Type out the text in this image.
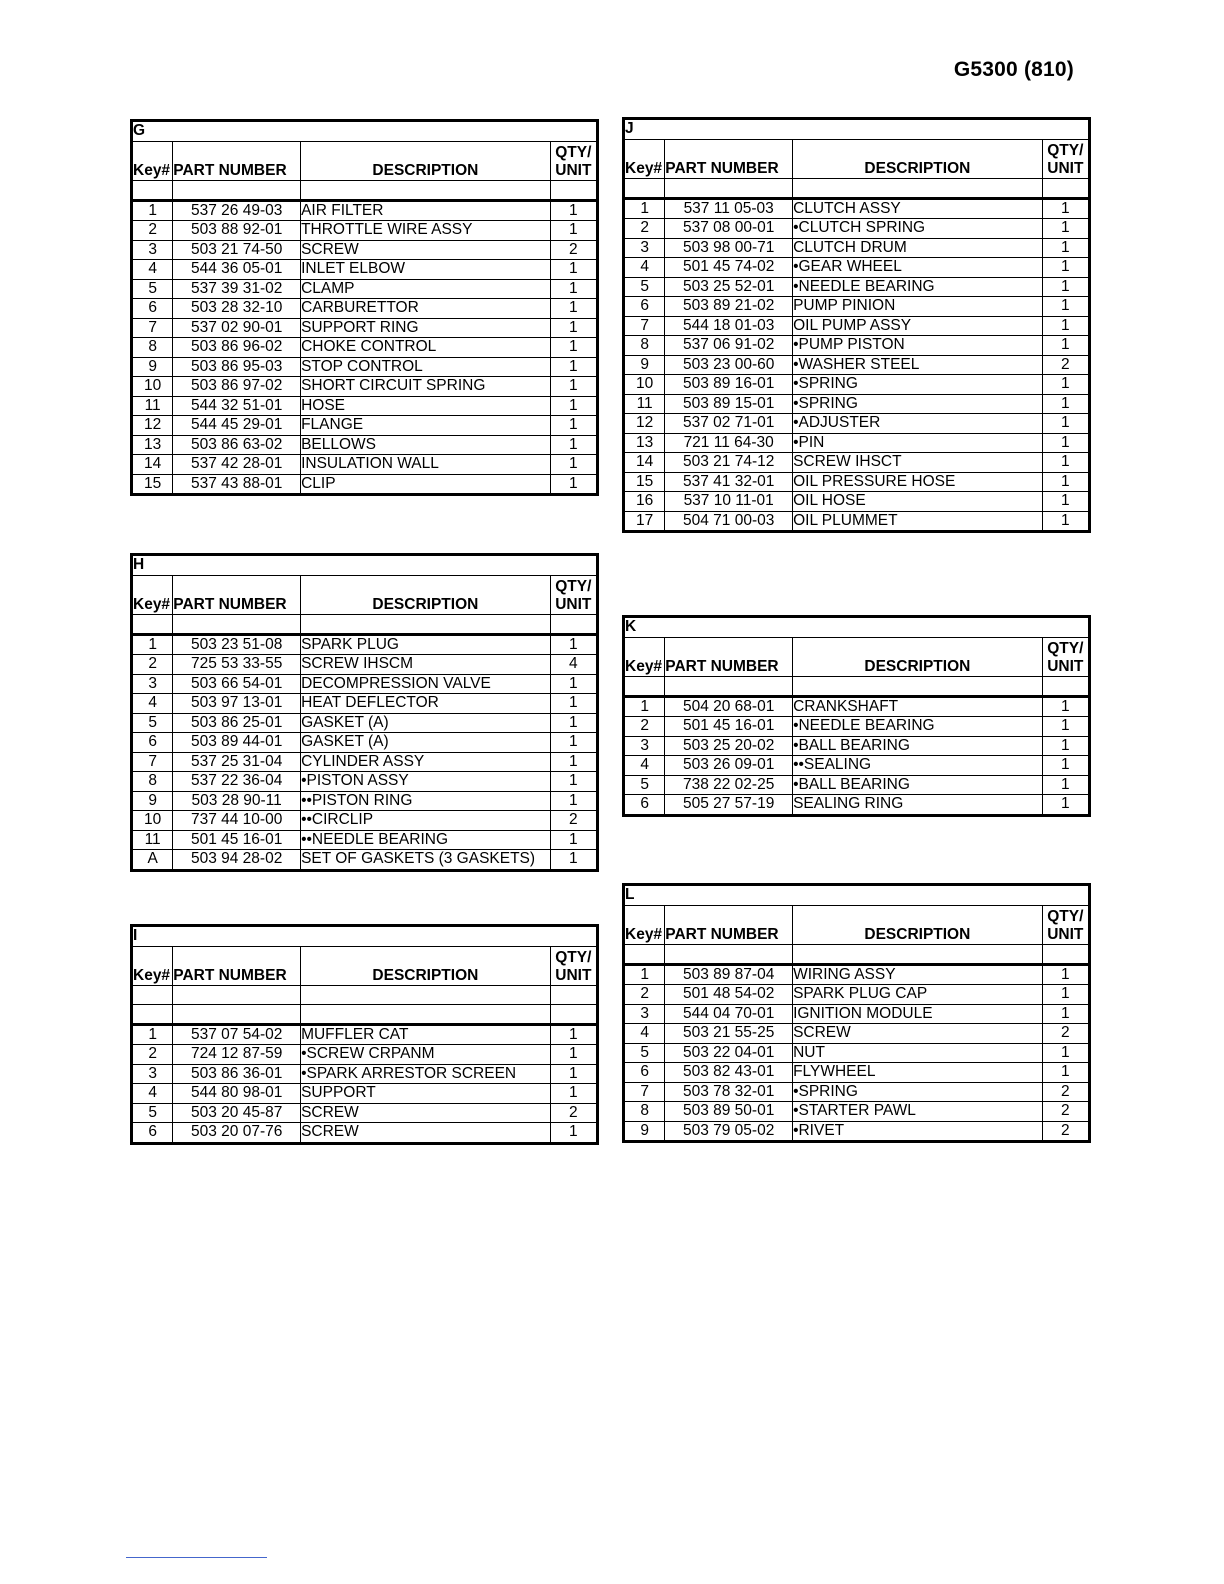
G5300 (810)
G			
Key#	PART NUMBER	DESCRIPTION	QTY/
UNIT

1	537 26 49-03	AIR FILTER	1
2	503 88 92-01	THROTTLE WIRE ASSY	1
3	503 21 74-50	SCREW	2
4	544 36 05-01	INLET ELBOW	1
5	537 39 31-02	CLAMP	1
6	503 28 32-10	CARBURETTOR	1
7	537 02 90-01	SUPPORT RING	1
8	503 86 96-02	CHOKE CONTROL	1
9	503 86 95-03	STOP CONTROL	1
10	503 86 97-02	SHORT CIRCUIT SPRING	1
11	544 32 51-01	HOSE	1
12	544 45 29-01	FLANGE	1
13	503 86 63-02	BELLOWS	1
14	537 42 28-01	INSULATION WALL	1
15	537 43 88-01	CLIP	1
H			
Key#	PART NUMBER	DESCRIPTION	QTY/
UNIT

1	503 23 51-08	SPARK PLUG	1
2	725 53 33-55	SCREW IHSCM	4
3	503 66 54-01	DECOMPRESSION VALVE	1
4	503 97 13-01	HEAT DEFLECTOR	1
5	503 86 25-01	GASKET (A)	1
6	503 89 44-01	GASKET (A)	1
7	537 25 31-04	CYLINDER ASSY	1
8	537 22 36-04	•PISTON ASSY	1
9	503 28 90-11	••PISTON RING	1
10	737 44 10-00	••CIRCLIP	2
11	501 45 16-01	••NEEDLE BEARING	1
A	503 94 28-02	SET OF GASKETS (3 GASKETS)	1
I			
Key#	PART NUMBER	DESCRIPTION	QTY/
UNIT

1	537 07 54-02	MUFFLER CAT	1
2	724 12 87-59	•SCREW CRPANM	1
3	503 86 36-01	•SPARK ARRESTOR SCREEN	1
4	544 80 98-01	SUPPORT	1
5	503 20 45-87	SCREW	2
6	503 20 07-76	SCREW	1
J			
Key#	PART NUMBER	DESCRIPTION	QTY/
UNIT

1	537 11 05-03	CLUTCH ASSY	1
2	537 08 00-01	•CLUTCH SPRING	1
3	503 98 00-71	CLUTCH DRUM	1
4	501 45 74-02	•GEAR WHEEL	1
5	503 25 52-01	•NEEDLE BEARING	1
6	503 89 21-02	PUMP PINION	1
7	544 18 01-03	OIL PUMP ASSY	1
8	537 06 91-02	•PUMP PISTON	1
9	503 23 00-60	•WASHER STEEL	2
10	503 89 16-01	•SPRING	1
11	503 89 15-01	•SPRING	1
12	537 02 71-01	•ADJUSTER	1
13	721 11 64-30	•PIN	1
14	503 21 74-12	SCREW IHSCT	1
15	537 41 32-01	OIL PRESSURE HOSE	1
16	537 10 11-01	OIL HOSE	1
17	504 71 00-03	OIL PLUMMET	1
K			
Key#	PART NUMBER	DESCRIPTION	QTY/
UNIT

1	504 20 68-01	CRANKSHAFT	1
2	501 45 16-01	•NEEDLE BEARING	1
3	503 25 20-02	•BALL BEARING	1
4	503 26 09-01	••SEALING	1
5	738 22 02-25	•BALL BEARING	1
6	505 27 57-19	SEALING RING	1
L			
Key#	PART NUMBER	DESCRIPTION	QTY/
UNIT

1	503 89 87-04	WIRING ASSY	1
2	501 48 54-02	SPARK PLUG CAP	1
3	544 04 70-01	IGNITION MODULE	1
4	503 21 55-25	SCREW	2
5	503 22 04-01	NUT	1
6	503 82 43-01	FLYWHEEL	1
7	503 78 32-01	•SPRING	2
8	503 89 50-01	•STARTER PAWL	2
9	503 79 05-02	•RIVET	2
